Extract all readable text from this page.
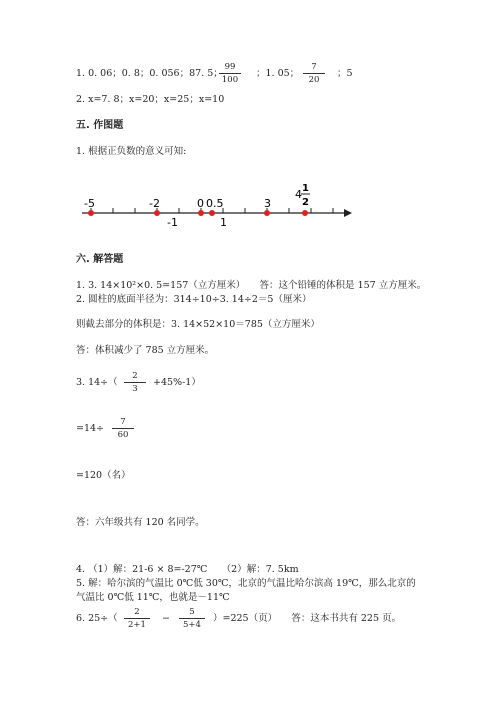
1. 0. 06；0. 8；0. 056；87. 5；
99
100
；1. 05；
7
20
；5
2. x=7. 8；x=20；x=25；x=10
五. 作图题
1. 根据正负数的意义可知:
-5	-2	0 0.5	3
4 1
2
-1	1
六. 解答题
1. 3. 14×10²×0. 5=157（立方厘米）　　答：这个铅锤的体积是 157 立方厘米。
2. 圆柱的底面半径为：314÷10÷3. 14÷2＝5（厘米）
则截去部分的体积是：3. 14×52×10＝785（立方厘米）
答：体积减少了 785 立方厘米。
3. 14÷（
2
3
+45%-1）
=14÷
7
60
=120（名）
答：六年级共有 120 名同学。
4. （1）解：21-6 × 8=-27℃　　（2）解：7. 5km
5. 解：哈尔滨的气温比 0℃低 30℃，北京的气温比哈尔滨高 19℃，那么北京的
气温比 0℃低 11℃，也就是－11℃
6. 25÷（
2
2+1
−
5
5+4
）=225（页）　　答：这本书共有 225 页。
